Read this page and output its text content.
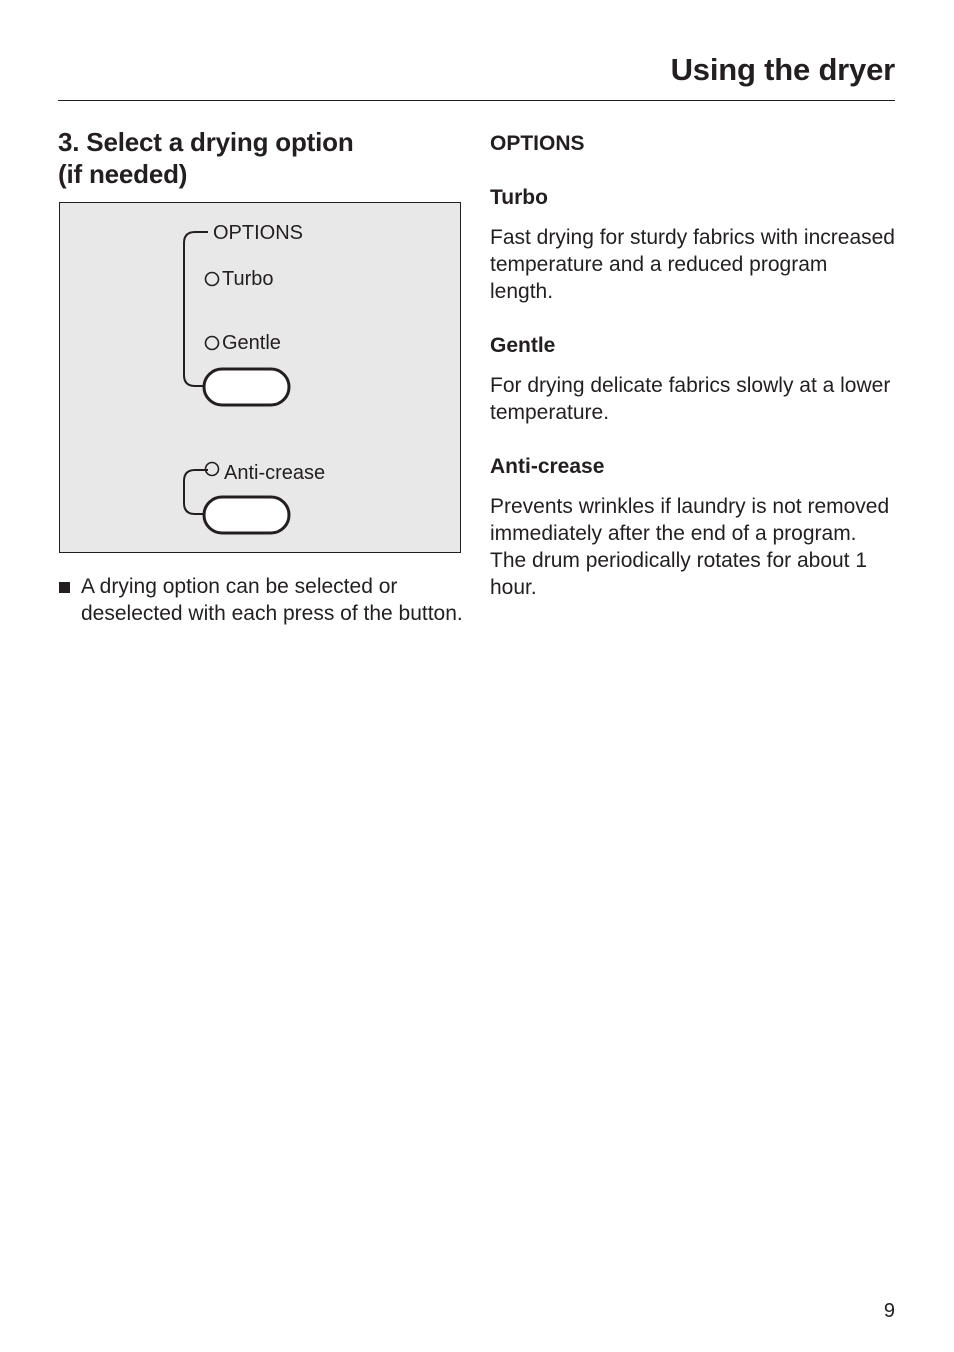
Using the dryer
3. Select a drying option
(if needed)
OPTIONS
Turbo
Gentle
Anti-crease
A drying option can be selected or deselected with each press of the button.
OPTIONS
Turbo

Fast drying for sturdy fabrics with increased temperature and a reduced program length.

Gentle

For drying delicate fabrics slowly at a lower temperature.

Anti-crease

Prevents wrinkles if laundry is not removed immediately after the end of a program. The drum periodically rotates for about 1 hour.

9
